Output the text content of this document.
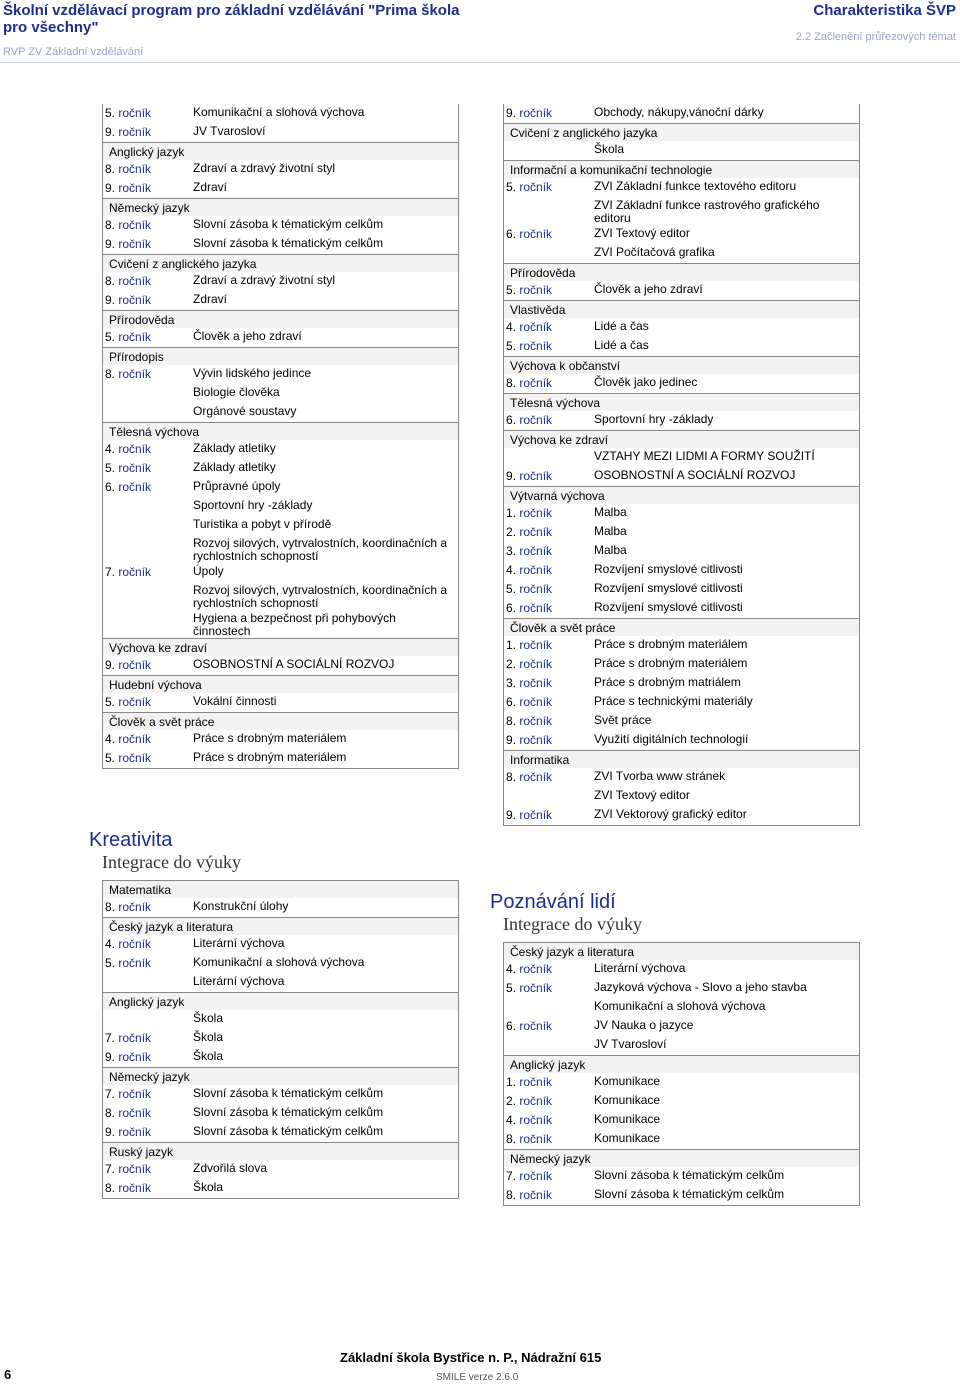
Školní vzdělávací program pro základní vzdělávání "Prima škola pro všechny"
Charakteristika ŠVP
RVP ZV Základní vzdělávání
2.2 Začlenění průřezových témat
5. ročník	Komunikační a slohová výchova
9. ročník	JV Tvarosloví
Anglický jazyk
8. ročník	Zdraví a zdravý životní styl
9. ročník	Zdraví
Německý jazyk
8. ročník	Slovní zásoba k tématickým celkům
9. ročník	Slovní zásoba k tématickým celkům
Cvičení z anglického jazyka
8. ročník	Zdraví a zdravý životní styl
9. ročník	Zdraví
Přírodověda
5. ročník	Člověk a jeho zdraví
Přírodopis
8. ročník	Vývin lidského jedince
Biologie člověka
Orgánové soustavy
Tělesná výchova
4. ročník	Základy atletiky
5. ročník	Základy atletiky
6. ročník	Průpravné úpoly
Sportovní hry -základy
Turistika a pobyt v přírodě
Rozvoj silových, vytrvalostních, koordinačních a rychlostních schopností
7. ročník	Úpoly
Rozvoj silových, vytrvalostních, koordinačních a rychlostních schopností
Hygiena a bezpečnost při pohybových činnostech
Výchova ke zdraví
9. ročník	OSOBNOSTNÍ A SOCIÁLNÍ ROZVOJ
Hudební výchova
5. ročník	Vokální činnosti
Člověk a svět práce
4. ročník	Práce s drobným materiálem
5. ročník	Práce s drobným materiálem
Kreativita
Integrace do výuky
Matematika
8. ročník	Konstrukční úlohy
Český jazyk a literatura
4. ročník	Literární výchova
5. ročník	Komunikační a slohová výchova
Literární výchova
Anglický jazyk
Škola
7. ročník	Škola
9. ročník	Škola
Německý jazyk
7. ročník	Slovní zásoba k tématickým celkům
8. ročník	Slovní zásoba k tématickým celkům
9. ročník	Slovní zásoba k tématickým celkům
Ruský jazyk
7. ročník	Zdvořilá slova
8. ročník	Škola
9. ročník	Obchody, nákupy,vánoční dárky
Cvičení z anglického jazyka
Škola
Informační a komunikační technologie
5. ročník	ZVI Základní funkce textového editoru
ZVI Základní funkce rastrového grafického editoru
6. ročník	ZVI Textový editor
ZVI Počítačová grafika
Přírodověda
5. ročník	Člověk a jeho zdraví
Vlastivěda
4. ročník	Lidé a čas
5. ročník	Lidé a čas
Výchova k občanství
8. ročník	Člověk jako jedinec
Tělesná výchova
6. ročník	Sportovní hry -základy
Výchova ke zdraví
VZTAHY MEZI LIDMI A FORMY SOUŽITÍ
9. ročník	OSOBNOSTNÍ A SOCIÁLNÍ ROZVOJ
Výtvarná výchova
1. ročník	Malba
2. ročník	Malba
3. ročník	Malba
4. ročník	Rozvíjení smyslové citlivosti
5. ročník	Rozvíjení smyslové citlivosti
6. ročník	Rozvíjení smyslové citlivosti
Člověk a svět práce
1. ročník	Práce s drobným materiálem
2. ročník	Práce s drobným materiálem
3. ročník	Práce s drobným matriálem
6. ročník	Práce s technickými materiály
8. ročník	Svět práce
9. ročník	Využití digitálních technologií
Informatika
8. ročník	ZVI Tvorba www stránek
ZVI Textový editor
9. ročník	ZVI Vektorový grafický editor
Poznávání lidí
Integrace do výuky
Český jazyk a literatura
4. ročník	Literární výchova
5. ročník	Jazyková výchova - Slovo a jeho stavba
Komunikační a slohová výchova
6. ročník	JV Nauka o jazyce
JV Tvarosloví
Anglický jazyk
1. ročník	Komunikace
2. ročník	Komunikace
4. ročník	Komunikace
8. ročník	Komunikace
Německý jazyk
7. ročník	Slovní zásoba k tématickým celkům
8. ročník	Slovní zásoba k tématickým celkům
Základní škola Bystřice n. P., Nádražní 615
SMILE verze 2.6.0
6
